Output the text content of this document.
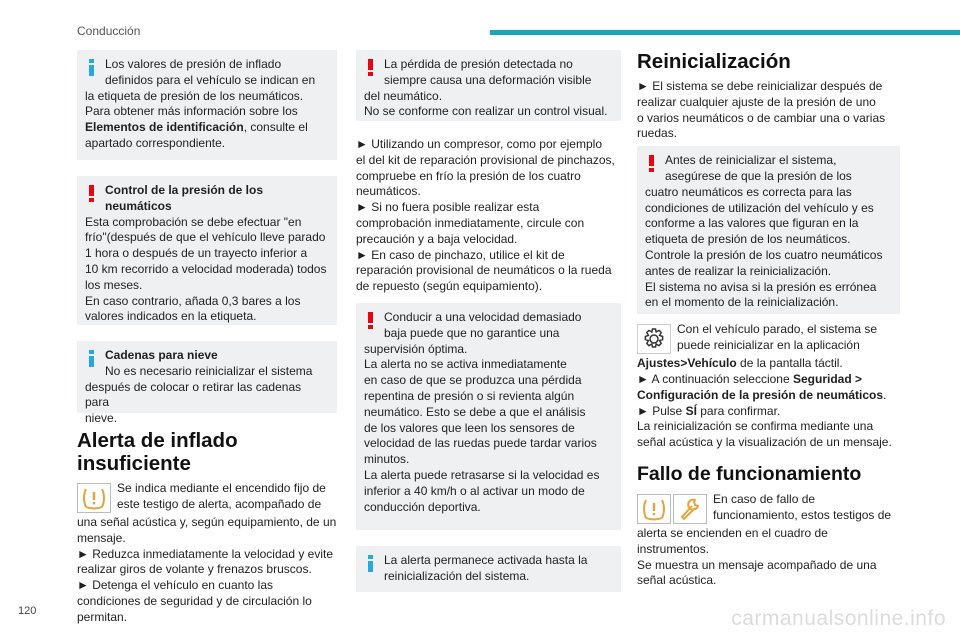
Conducción

Los valores de presión de inflado

definidos para el vehículo se indican en

la etiqueta de presión de los neumáticos.

Para obtener más información sobre los

Elementos de identificación, consulte el

apartado correspondiente.

Control de la presión de los

neumáticos

Esta comprobación se debe efectuar "en

frío"(después de que el vehículo lleve parado

1 hora o después de un trayecto inferior a

10 km recorrido a velocidad moderada) todos

los meses.

En caso contrario, añada 0,3 bares a los

valores indicados en la etiqueta.

Cadenas para nieve

No es necesario reinicializar el sistema

después de colocar o retirar las cadenas para

nieve.

Alerta de inflado insuficiente

Se indica mediante el encendido fijo de

este testigo de alerta, acompañado de

una señal acústica y, según equipamiento, de un

mensaje.

► Reduzca inmediatamente la velocidad y evite

realizar giros de volante y frenazos bruscos.

► Detenga el vehículo en cuanto las

condiciones de seguridad y de circulación lo

permitan.

La pérdida de presión detectada no

siempre causa una deformación visible

del neumático.

No se conforme con realizar un control visual.

► Utilizando un compresor, como por ejemplo

el del kit de reparación provisional de pinchazos,

compruebe en frío la presión de los cuatro

neumáticos.

► Si no fuera posible realizar esta

comprobación inmediatamente, circule con

precaución y a baja velocidad.

► En caso de pinchazo, utilice el kit de

reparación provisional de neumáticos o la rueda

de repuesto (según equipamiento).

Conducir a una velocidad demasiado

baja puede que no garantice una

supervisión óptima.

La alerta no se activa inmediatamente

en caso de que se produzca una pérdida

repentina de presión o si revienta algún

neumático. Esto se debe a que el análisis

de los valores que leen los sensores de

velocidad de las ruedas puede tardar varios

minutos.

La alerta puede retrasarse si la velocidad es

inferior a 40 km/h o al activar un modo de

conducción deportiva.

La alerta permanece activada hasta la

reinicialización del sistema.

Reinicialización

► El sistema se debe reinicializar después de

realizar cualquier ajuste de la presión de uno

o varios neumáticos o de cambiar una o varias

ruedas.

Antes de reinicializar el sistema,

asegúrese de que la presión de los

cuatro neumáticos es correcta para las

condiciones de utilización del vehículo y es

conforme a las valores que figuran en la

etiqueta de presión de los neumáticos.

Controle la presión de los cuatro neumáticos

antes de realizar la reinicialización.

El sistema no avisa si la presión es errónea

en el momento de la reinicialización.

Con el vehículo parado, el sistema se

puede reinicializar en la aplicación

Ajustes>Vehículo de la pantalla táctil.

► A continuación seleccione Seguridad >

Configuración de la presión de neumáticos.

► Pulse SÍ para confirmar.

La reinicialización se confirma mediante una

señal acústica y la visualización de un mensaje.

Fallo de funcionamiento

En caso de fallo de

funcionamiento, estos testigos de

alerta se encienden en el cuadro de

instrumentos.

Se muestra un mensaje acompañado de una

señal acústica.

120	carmanualsonline.info
